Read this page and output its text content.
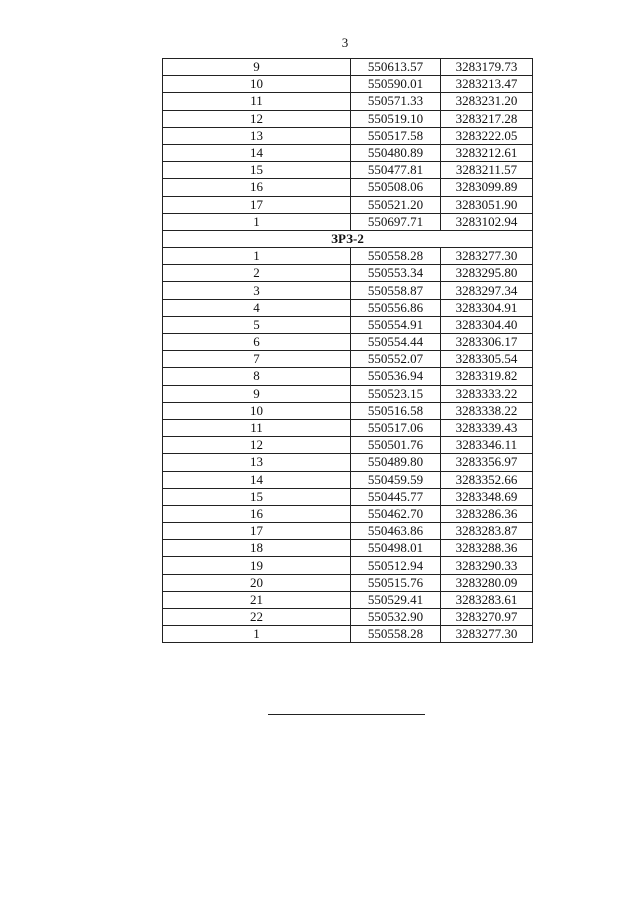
3
9	550613.57	3283179.73
10	550590.01	3283213.47
11	550571.33	3283231.20
12	550519.10	3283217.28
13	550517.58	3283222.05
14	550480.89	3283212.61
15	550477.81	3283211.57
16	550508.06	3283099.89
17	550521.20	3283051.90
1	550697.71	3283102.94
ЗРЗ-2		
1	550558.28	3283277.30
2	550553.34	3283295.80
3	550558.87	3283297.34
4	550556.86	3283304.91
5	550554.91	3283304.40
6	550554.44	3283306.17
7	550552.07	3283305.54
8	550536.94	3283319.82
9	550523.15	3283333.22
10	550516.58	3283338.22
11	550517.06	3283339.43
12	550501.76	3283346.11
13	550489.80	3283356.97
14	550459.59	3283352.66
15	550445.77	3283348.69
16	550462.70	3283286.36
17	550463.86	3283283.87
18	550498.01	3283288.36
19	550512.94	3283290.33
20	550515.76	3283280.09
21	550529.41	3283283.61
22	550532.90	3283270.97
1	550558.28	3283277.30
